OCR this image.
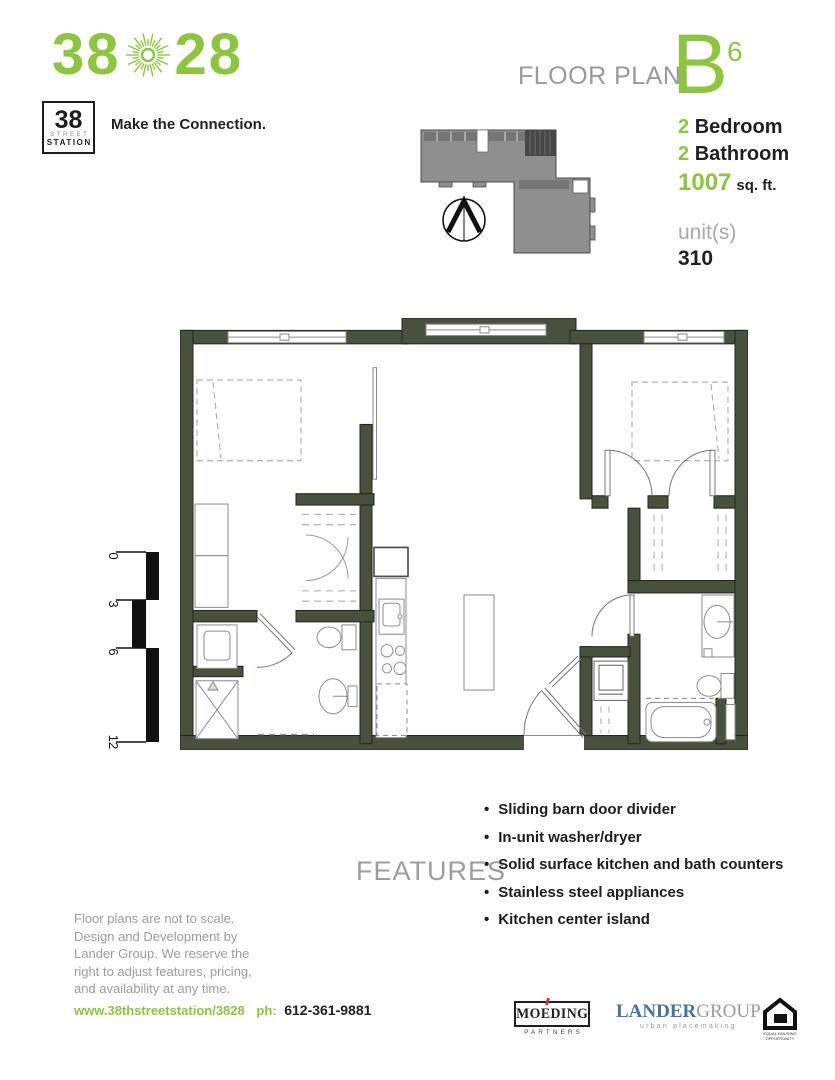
38 28
38
STREET
STATION
Make the Connection.
FLOOR PLAN
B
6
2 Bedroom
2 Bathroom
1007 sq. ft.
unit(s)
310
0
3
6
12
FEATURES
• Sliding barn door divider
• In-unit washer/dryer
• Solid surface kitchen and bath counters
• Stainless steel appliances
• Kitchen center island
Floor plans are not to scale.
Design and Development by
Lander Group. We reserve the
right to adjust features, pricing,
and availability at any time.
www.38thstreetstation/3828 ph: 612-361-9881	MOEDING
PARTNERS
LANDERGROUP
urban placemaking
EQUAL HOUSING
OPPORTUNITY
